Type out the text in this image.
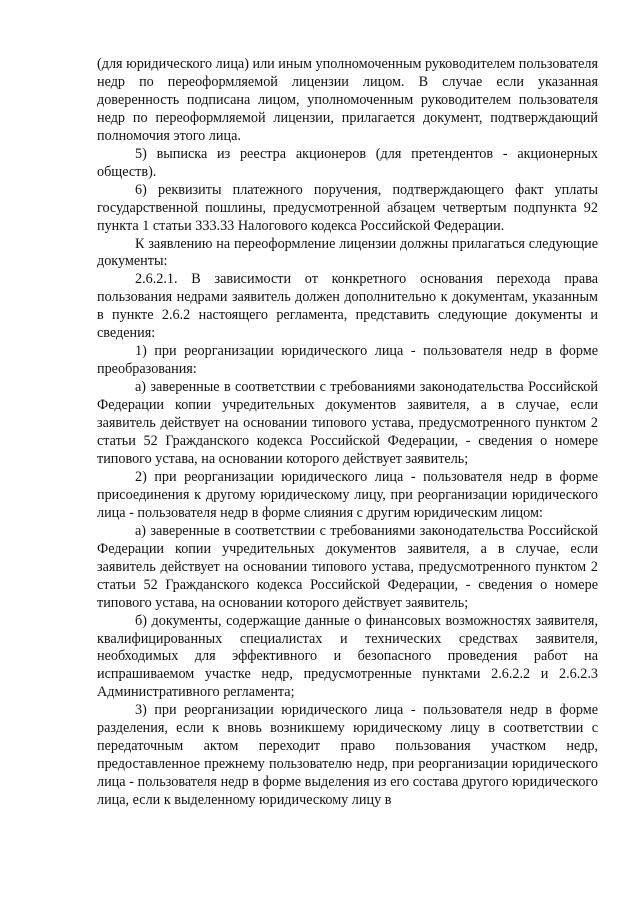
(для юридического лица) или иным уполномоченным руководителем пользователя недр по переоформляемой лицензии лицом. В случае если указанная доверенность подписана лицом, уполномоченным руководителем пользователя недр по переоформляемой лицензии, прилагается документ, подтверждающий полномочия этого лица.

5) выписка из реестра акционеров (для претендентов - акционерных обществ).

6) реквизиты платежного поручения, подтверждающего факт уплаты государственной пошлины, предусмотренной абзацем четвертым подпункта 92 пункта 1 статьи 333.33 Налогового кодекса Российской Федерации.

К заявлению на переоформление лицензии должны прилагаться следующие документы:

2.6.2.1. В зависимости от конкретного основания перехода права пользования недрами заявитель должен дополнительно к документам, указанным в пункте 2.6.2 настоящего регламента, представить следующие документы и сведения:

1) при реорганизации юридического лица - пользователя недр в форме преобразования:

а) заверенные в соответствии с требованиями законодательства Российской Федерации копии учредительных документов заявителя, а в случае, если заявитель действует на основании типового устава, предусмотренного пунктом 2 статьи 52 Гражданского кодекса Российской Федерации, - сведения о номере типового устава, на основании которого действует заявитель;

2) при реорганизации юридического лица - пользователя недр в форме присоединения к другому юридическому лицу, при реорганизации юридического лица - пользователя недр в форме слияния с другим юридическим лицом:

а) заверенные в соответствии с требованиями законодательства Российской Федерации копии учредительных документов заявителя, а в случае, если заявитель действует на основании типового устава, предусмотренного пунктом 2 статьи 52 Гражданского кодекса Российской Федерации, - сведения о номере типового устава, на основании которого действует заявитель;

б) документы, содержащие данные о финансовых возможностях заявителя, квалифицированных специалистах и технических средствах заявителя, необходимых для эффективного и безопасного проведения работ на испрашиваемом участке недр, предусмотренные пунктами 2.6.2.2 и 2.6.2.3 Административного регламента;

3) при реорганизации юридического лица - пользователя недр в форме разделения, если к вновь возникшему юридическому лицу в соответствии с передаточным актом переходит право пользования участком недр, предоставленное прежнему пользователю недр, при реорганизации юридического лица - пользователя недр в форме выделения из его состава другого юридического лица, если к выделенному юридическому лицу в
